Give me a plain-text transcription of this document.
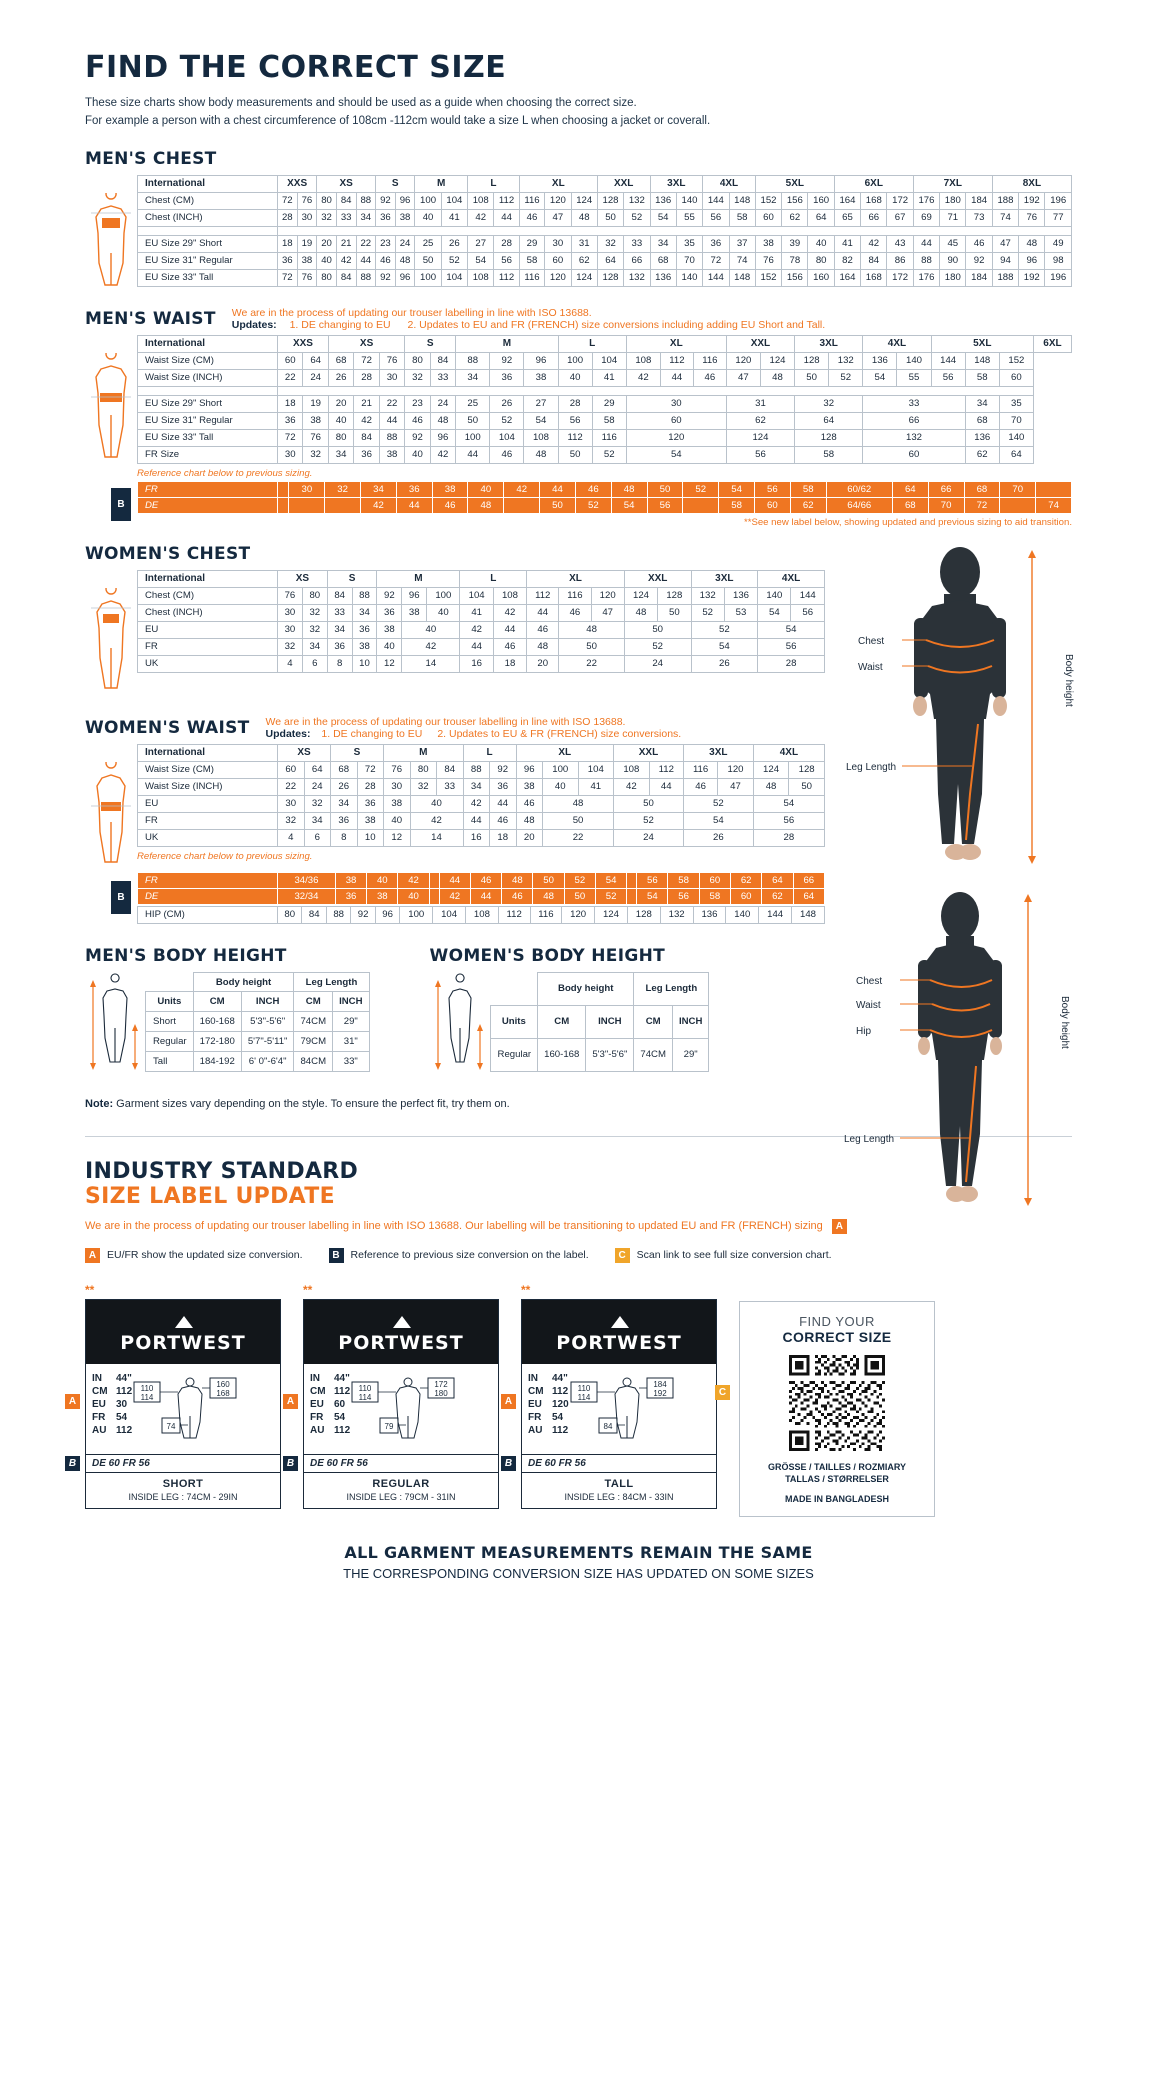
FIND THE CORRECT SIZE
These size charts show body measurements and should be used as a guide when choosing the correct size.
For example a person with a chest circumference of 108cm -112cm would take a size L when choosing a jacket or coverall.
MEN'S CHEST
International	XXS		XS			S		M		L		XL			XXL		3XL		4XL		5XL			6XL			7XL			8XL		
Chest (CM)	72	76	80	84	88	92	96	100	104	108	112	116	120	124	128	132	136	140	144	148	152	156	160	164	168	172	176	180	184	188	192	196
Chest (INCH)	28	30	32	33	34	36	38	40	41	42	44	46	47	48	50	52	54	55	56	58	60	62	64	65	66	67	69	71	73	74	76	77

EU Size 29" Short	18	19	20	21	22	23	24	25	26	27	28	29	30	31	32	33	34	35	36	37	38	39	40	41	42	43	44	45	46	47	48	49
EU Size 31" Regular	36	38	40	42	44	46	48	50	52	54	56	58	60	62	64	66	68	70	72	74	76	78	80	82	84	86	88	90	92	94	96	98
EU Size 33" Tall	72	76	80	84	88	92	96	100	104	108	112	116	120	124	128	132	136	140	144	148	152	156	160	164	168	172	176	180	184	188	192	196
MEN'S WAIST We are in the process of updating our trouser labelling in line with ISO 13688.
Updates: 1. DE changing to EU 2. Updates to EU and FR (FRENCH) size conversions including adding EU Short and Tall.
International	XXS		XS			S		M			L		XL			XXL		3XL		4XL		5XL			6XL
Waist Size (CM)	60	64	68	72	76	80	84	88	92	96	100	104	108	112	116	120	124	128	132	136	140	144	148	152	
Waist Size (INCH)	22	24	26	28	30	32	33	34	36	38	40	41	42	44	46	47	48	50	52	54	55	56	58	60	

EU Size 29" Short	18	19	20	21	22	23	24	25	26	27	28	29	30			31		32		33			34	35	
EU Size 31" Regular	36	38	40	42	44	46	48	50	52	54	56	58	60			62		64		66			68	70	
EU Size 33" Tall	72	76	80	84	88	92	96	100	104	108	112	116	120			124		128		132			136	140	
FR Size	30	32	34	36	38	40	42	44	46	48	50	52	54			56		58		60			62	64	
Reference chart below to previous sizing.
B
FR		30	32	34	36	38	40	42	44	46	48	50	52	54	56	58	60/62	64	66	68	70	
DE				42	44	46	48		50	52	54	56		58	60	62	64/66	68	70	72		74
**See new label below, showing updated and previous sizing to aid transition.
WOMEN'S CHEST
International	XS		S		M			L		XL			XXL		3XL		4XL	
Chest (CM)	76	80	84	88	92	96	100	104	108	112	116	120	124	128	132	136	140	144
Chest (INCH)	30	32	33	34	36	38	40	41	42	44	46	47	48	50	52	53	54	56
EU	30	32	34	36	38	40		42	44	46	48		50		52		54	
FR	32	34	36	38	40	42		44	46	48	50		52		54		56	
UK	4	6	8	10	12	14		16	18	20	22		24		26		28	
WOMEN'S WAIST We are in the process of updating our trouser labelling in line with ISO 13688.
Updates: 1. DE changing to EU 2. Updates to EU & FR (FRENCH) size conversions.
International	XS		S		M			L		XL			XXL		3XL		4XL	
Waist Size (CM)	60	64	68	72	76	80	84	88	92	96	100	104	108	112	116	120	124	128
Waist Size (INCH)	22	24	26	28	30	32	33	34	36	38	40	41	42	44	46	47	48	50
EU	30	32	34	36	38	40		42	44	46	48		50		52		54	
FR	32	34	36	38	40	42		44	46	48	50		52		54		56	
UK	4	6	8	10	12	14		16	18	20	22		24		26		28	
Reference chart below to previous sizing.
B
FR	34/36	38	40	42		44	46	48	50	52	54		56	58	60	62	64	66
DE	32/34	36	38	40		42	44	46	48	50	52		54	56	58	60	62	64
HIP (CM)	80	84	88	92	96	100	104	108	112	116	120	124	128	132	136	140	144	148
Chest
Waist
Leg Length
Body height
Chest
Waist
Hip
Leg Length
Body height
MEN'S BODY HEIGHT
	Body height		Leg Length	
Units	CM	INCH	CM	INCH
Short	160-168	5'3"-5'6"	74CM	29"
Regular	172-180	5'7"-5'11"	79CM	31"
Tall	184-192	6' 0"-6'4"	84CM	33"
WOMEN'S BODY HEIGHT
	Body height		Leg Length	
Units	CM	INCH	CM	INCH
Regular	160-168	5'3"-5'6"	74CM	29"
Note: Garment sizes vary depending on the style. To ensure the perfect fit, try them on.
INDUSTRY STANDARD
SIZE LABEL UPDATE
We are in the process of updating our trouser labelling in line with ISO 13688. Our labelling will be transitioning to updated EU and FR (FRENCH) sizing A
A	EU/FR show the updated size conversion.	B	Reference to previous size conversion on the label.	C	Scan link to see full size conversion chart.
**
PORTWEST
A
IN	44"
CM 112
EU	30
FR	54
AU 112
110
114
160
168
74
B	DE 60 FR 56
SHORT
INSIDE LEG : 74CM - 29IN
**
PORTWEST
A
IN	44"
CM 112
EU	60
FR	54
AU 112
110
114
172
180
79
B	DE 60 FR 56
REGULAR
INSIDE LEG : 79CM - 31IN
**
PORTWEST
A
IN	44"
CM 112
EU	120
FR	54
AU 112
110
114
184
192
84
B	DE 60 FR 56
TALL
INSIDE LEG : 84CM - 33IN
C
FIND YOUR
CORRECT SIZE
GRÖSSE / TAILLES / ROZMIARY
TALLAS / STØRRELSER
MADE IN BANGLADESH
ALL GARMENT MEASUREMENTS REMAIN THE SAME
THE CORRESPONDING CONVERSION SIZE HAS UPDATED ON SOME SIZES
